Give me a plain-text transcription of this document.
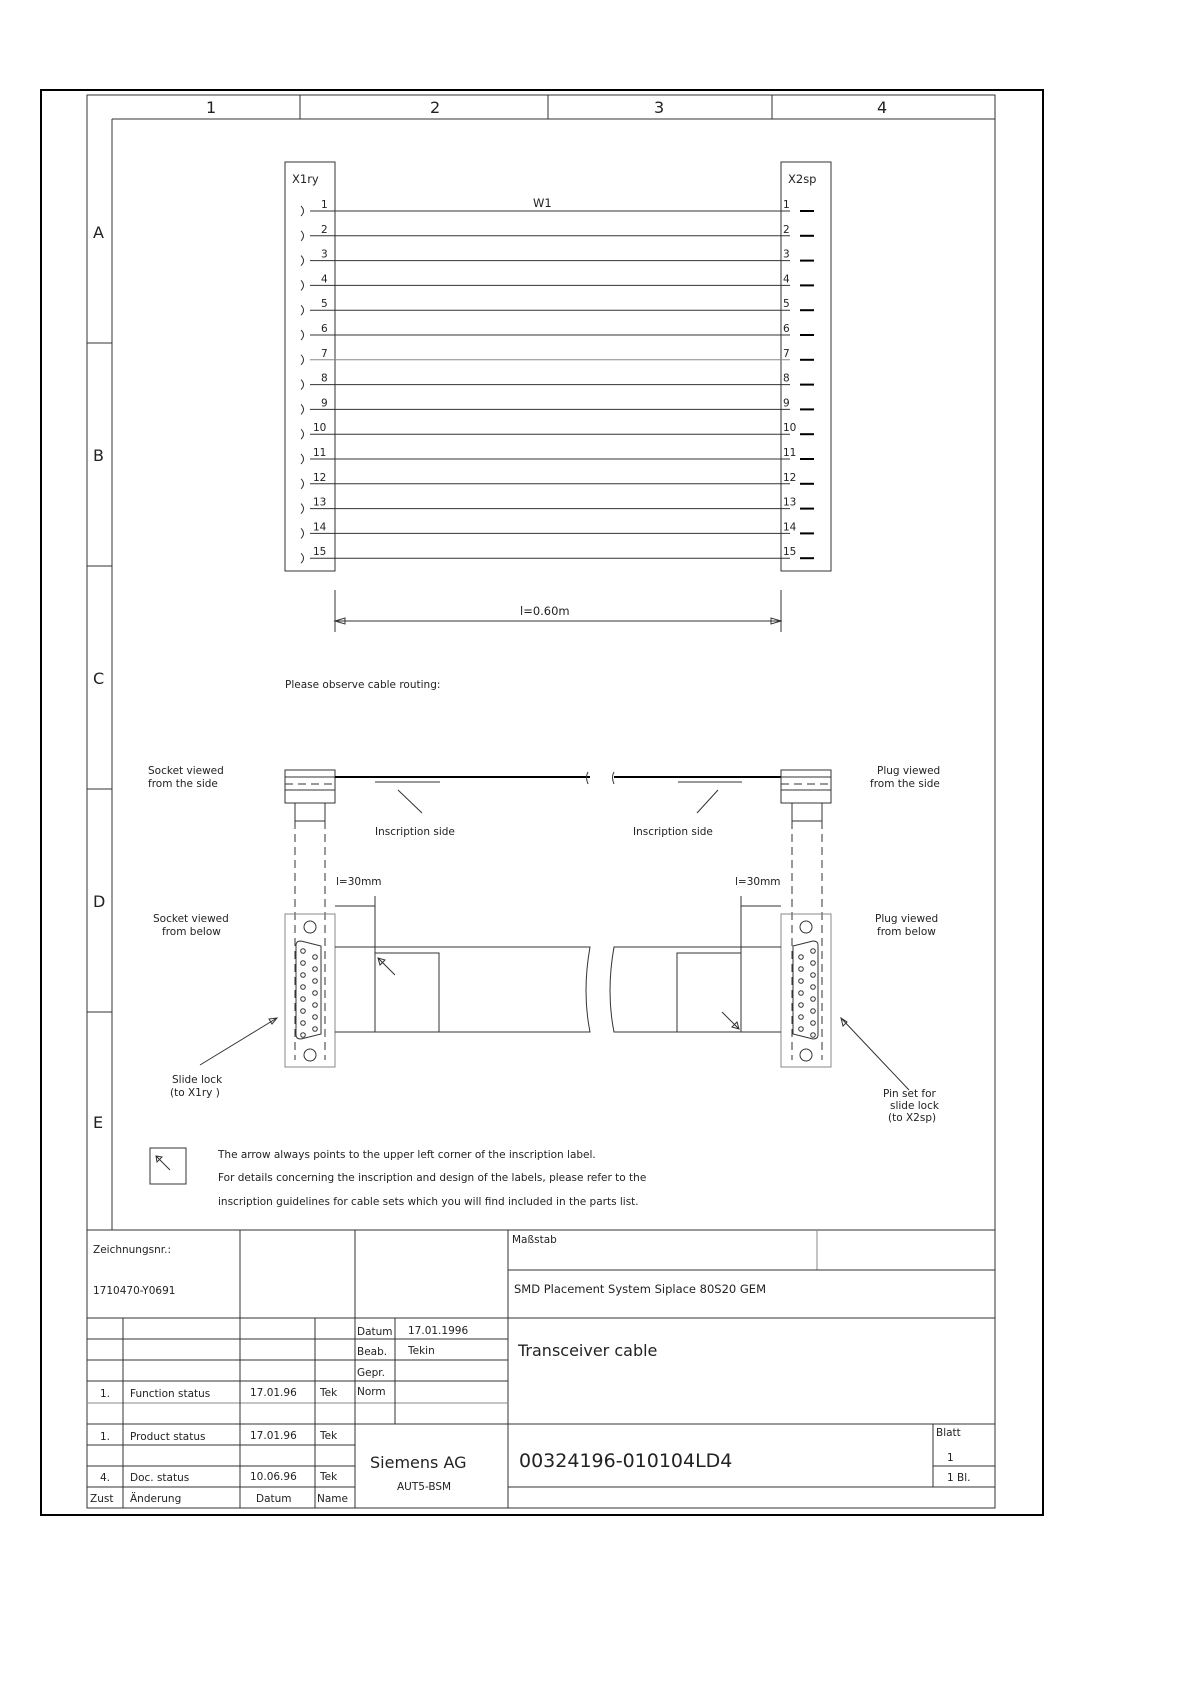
1	2	3	4
A
B
C
D
E
X1ry	X2sp
W1
1	1
2	2
3	3
4	4
5	5
6	6
7	7
8	8
9	9
10	10
11	11
12	12
13	13
14	14
15	15
l=0.60m
Please observe cable routing:
Socket viewed
from the side
Plug viewed
from the side
Inscription side	Inscription side
l=30mm	l=30mm
Socket viewed
from below
Plug viewed
from below
Slide lock
(to X1ry )	Pin set for
slide lock
(to X2sp)
The arrow always points to the upper left corner of the inscription label.
For details concerning the inscription and design of the labels, please refer to the
inscription guidelines for cable sets which you will find included in the parts list.
Zeichnungsnr.:
1710470-Y0691
Maßstab
SMD Placement System Siplace 80S20 GEM
Datum 17.01.1996
Beab. Tekin
Gepr.
Norm
Transceiver cable
1. Function status	17.01.96 Tek
1. Product status	17.01.96 Tek
4. Doc. status	10.06.96 Tek
Zust Änderung	Datum Name
Siemens AG
AUT5-BSM
00324196-010104LD4
Blatt
1
1 Bl.
